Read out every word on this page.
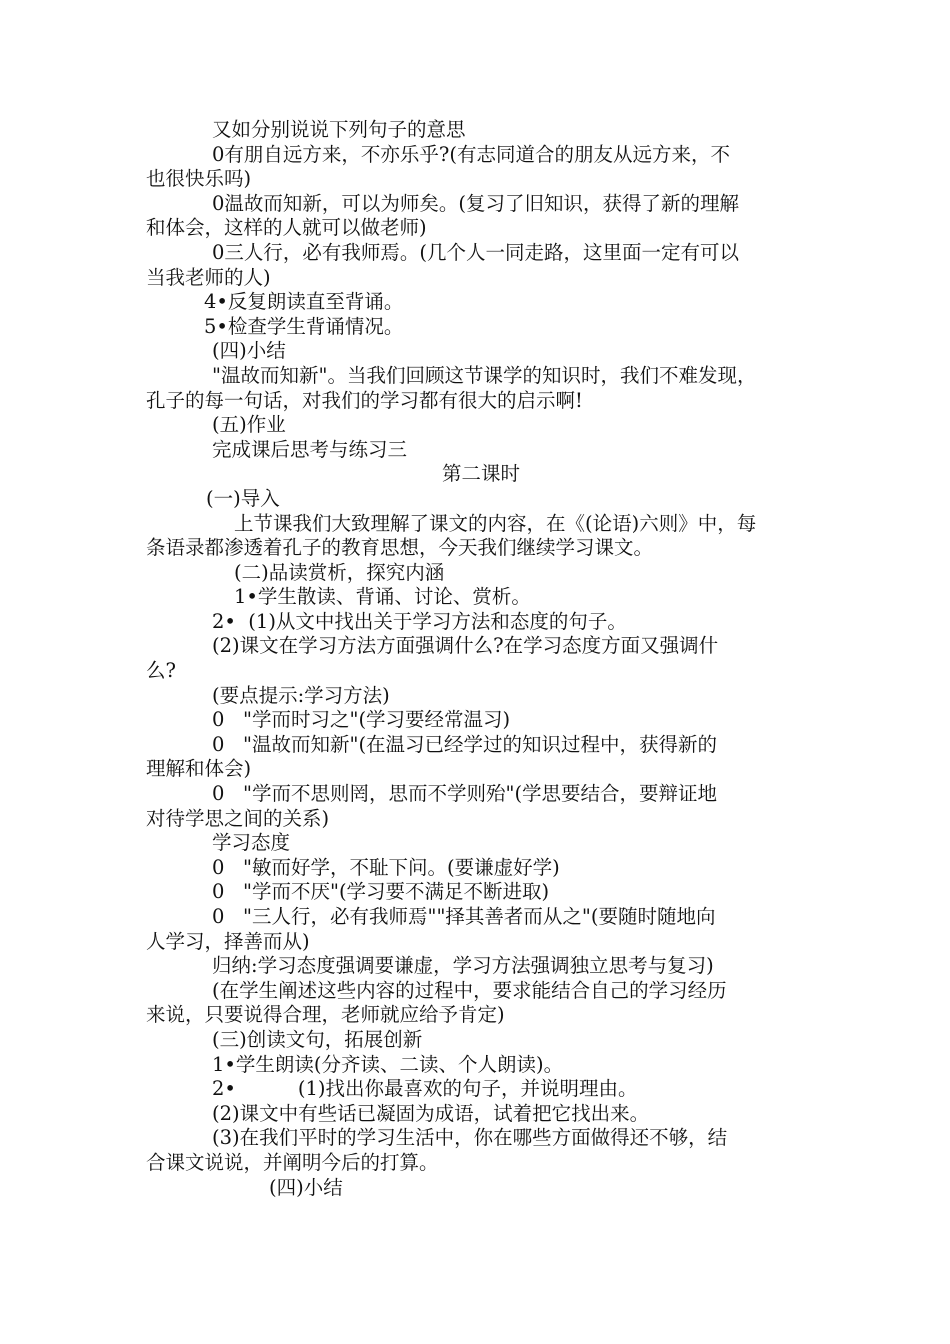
又如分别说说下列句子的意思

0有朋自远方来，不亦乐乎?(有志同道合的朋友从远方来，不

也很快乐吗)

0温故而知新，可以为师矣。(复习了旧知识，获得了新的理解

和体会，这样的人就可以做老师)

0三人行，必有我师焉。(几个人一同走路，这里面一定有可以

当我老师的人)

4•反复朗读直至背诵。

5•检查学生背诵情况。

(四)小结

"温故而知新"。当我们回顾这节课学的知识时，我们不难发现，

孔子的每一句话，对我们的学习都有很大的启示啊!

(五)作业

完成课后思考与练习三

第二课时

(一)导入

上节课我们大致理解了课文的内容，在《(论语)六则》中，每

条语录都渗透着孔子的教育思想，今天我们继续学习课文。

(二)品读赏析，探究内涵

1•学生散读、背诵、讨论、赏析。

2•  (1)从文中找出关于学习方法和态度的句子。

(2)课文在学习方法方面强调什么?在学习态度方面又强调什

么?

(要点提示:学习方法)

0   "学而时习之"(学习要经常温习)

0   "温故而知新"(在温习已经学过的知识过程中，获得新的

理解和体会)

0   "学而不思则罔，思而不学则殆"(学思要结合，要辩证地

对待学思之间的关系)

学习态度

0   "敏而好学，不耻下问。(要谦虚好学)

0   "学而不厌"(学习要不满足不断进取)

0   "三人行，必有我师焉""择其善者而从之"(要随时随地向

人学习，择善而从)

归纳:学习态度强调要谦虚，学习方法强调独立思考与复习)

(在学生阐述这些内容的过程中，要求能结合自己的学习经历

来说，只要说得合理，老师就应给予肯定)

(三)创读文句，拓展创新

1•学生朗读(分齐读、二读、个人朗读)。

2•          (1)找出你最喜欢的句子，并说明理由。

(2)课文中有些话已凝固为成语，试着把它找出来。

(3)在我们平时的学习生活中，你在哪些方面做得还不够，结

合课文说说，并阐明今后的打算。

(四)小结
